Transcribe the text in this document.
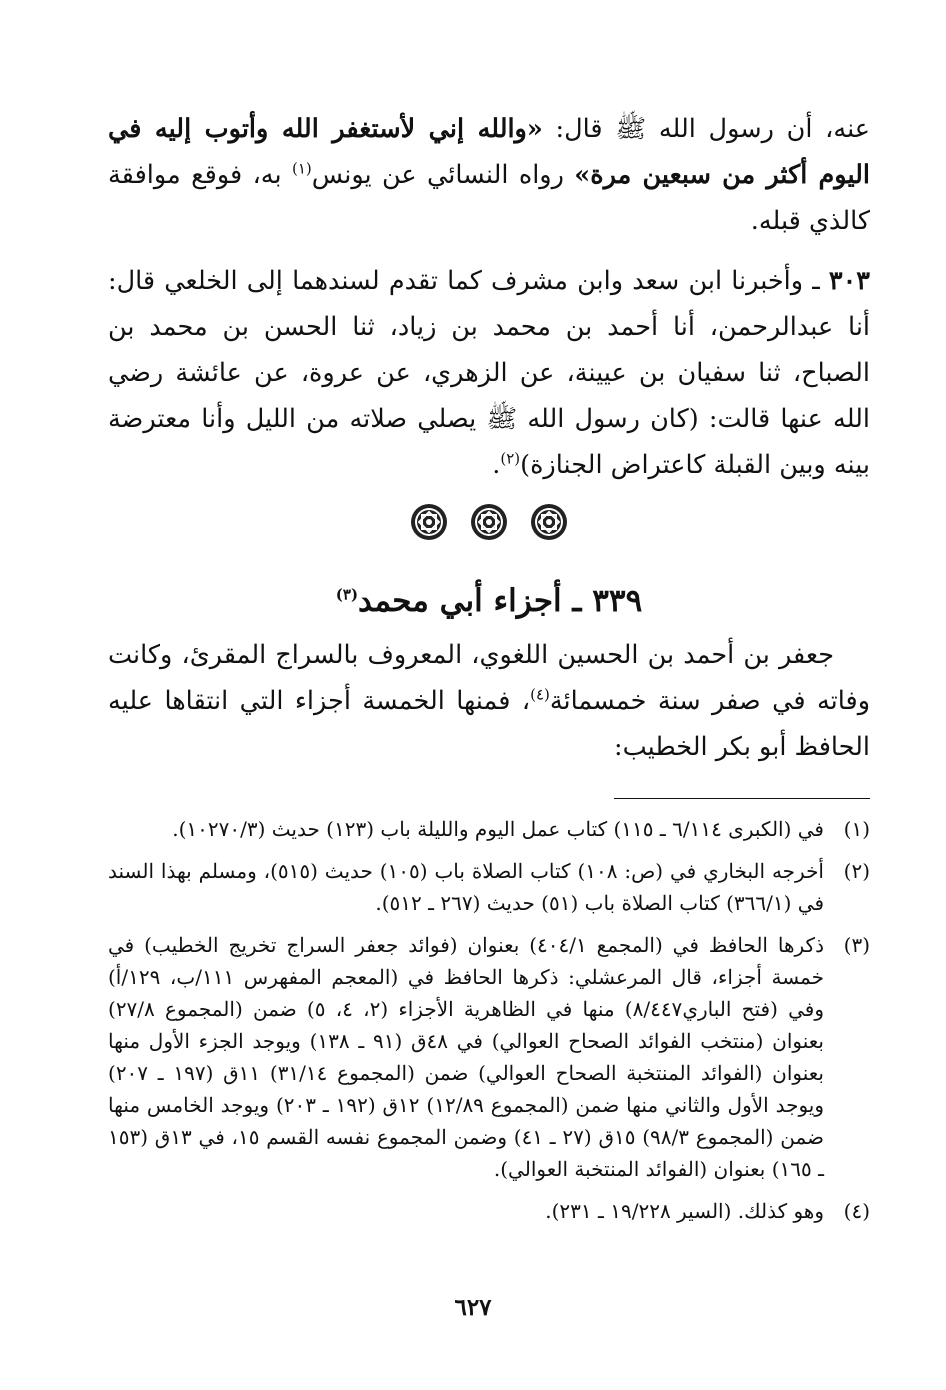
عنه، أن رسول الله ﷺ قال: «والله إني لأستغفر الله وأتوب إليه في اليوم أكثر من سبعين مرة» رواه النسائي عن يونس$^{(١)}$ به، فوقع موافقة كالذي قبله.

٣٠٣ ـ وأخبرنا ابن سعد وابن مشرف كما تقدم لسندهما إلى الخلعي قال: أنا عبدالرحمن، أنا أحمد بن محمد بن زياد، ثنا الحسن بن محمد بن الصباح، ثنا سفيان بن عيينة، عن الزهري، عن عروة، عن عائشة رضي الله عنها قالت: (كان رسول الله ﷺ يصلي صلاته من الليل وأنا معترضة بينه وبين القبلة كاعتراض الجنازة)$^{(٢)}$.

٣٣٩ ـ أجزاء أبي محمد$^{(٣)}$

جعفر بن أحمد بن الحسين اللغوي، المعروف بالسراج المقرئ، وكانت وفاته في صفر سنة خمسمائة$^{(٤)}$، فمنها الخمسة أجزاء التي انتقاها عليه الحافظ أبو بكر الخطيب:

(١)
في (الكبرى ٦/١١٤ ـ ١١٥) كتاب عمل اليوم والليلة باب (١٢٣) حديث (١٠٢٧٠/٣).
(٢)
أخرجه البخاري في (ص: ١٠٨) كتاب الصلاة باب (١٠٥) حديث (٥١٥)، ومسلم بهذا السند في (٣٦٦/١) كتاب الصلاة باب (٥١) حديث (٢٦٧ ـ ٥١٢).
(٣)
ذكرها الحافظ في (المجمع ٤٠٤/١) بعنوان (فوائد جعفر السراج تخريج الخطيب) في خمسة أجزاء، قال المرعشلي: ذكرها الحافظ في (المعجم المفهرس ١١١/ب، ١٢٩/أ) وفي (فتح الباري٨/٤٤٧) منها في الظاهرية الأجزاء (٢، ٤، ٥) ضمن (المجموع ٢٧/٨) بعنوان (منتخب الفوائد الصحاح العوالي) في ٤٨ق (٩١ ـ ١٣٨) ويوجد الجزء الأول منها بعنوان (الفوائد المنتخبة الصحاح العوالي) ضمن (المجموع ٣١/١٤) ١١ق (١٩٧ ـ ٢٠٧) ويوجد الأول والثاني منها ضمن (المجموع ١٢/٨٩) ١٢ق (١٩٢ ـ ٢٠٣) ويوجد الخامس منها ضمن (المجموع ٩٨/٣) ١٥ق (٢٧ ـ ٤١) وضمن المجموع نفسه القسم ١٥، في ١٣ق (١٥٣ ـ ١٦٥) بعنوان (الفوائد المنتخبة العوالي).
(٤)
وهو كذلك. (السير ١٩/٢٢٨ ـ ٢٣١).
٦٢٧
